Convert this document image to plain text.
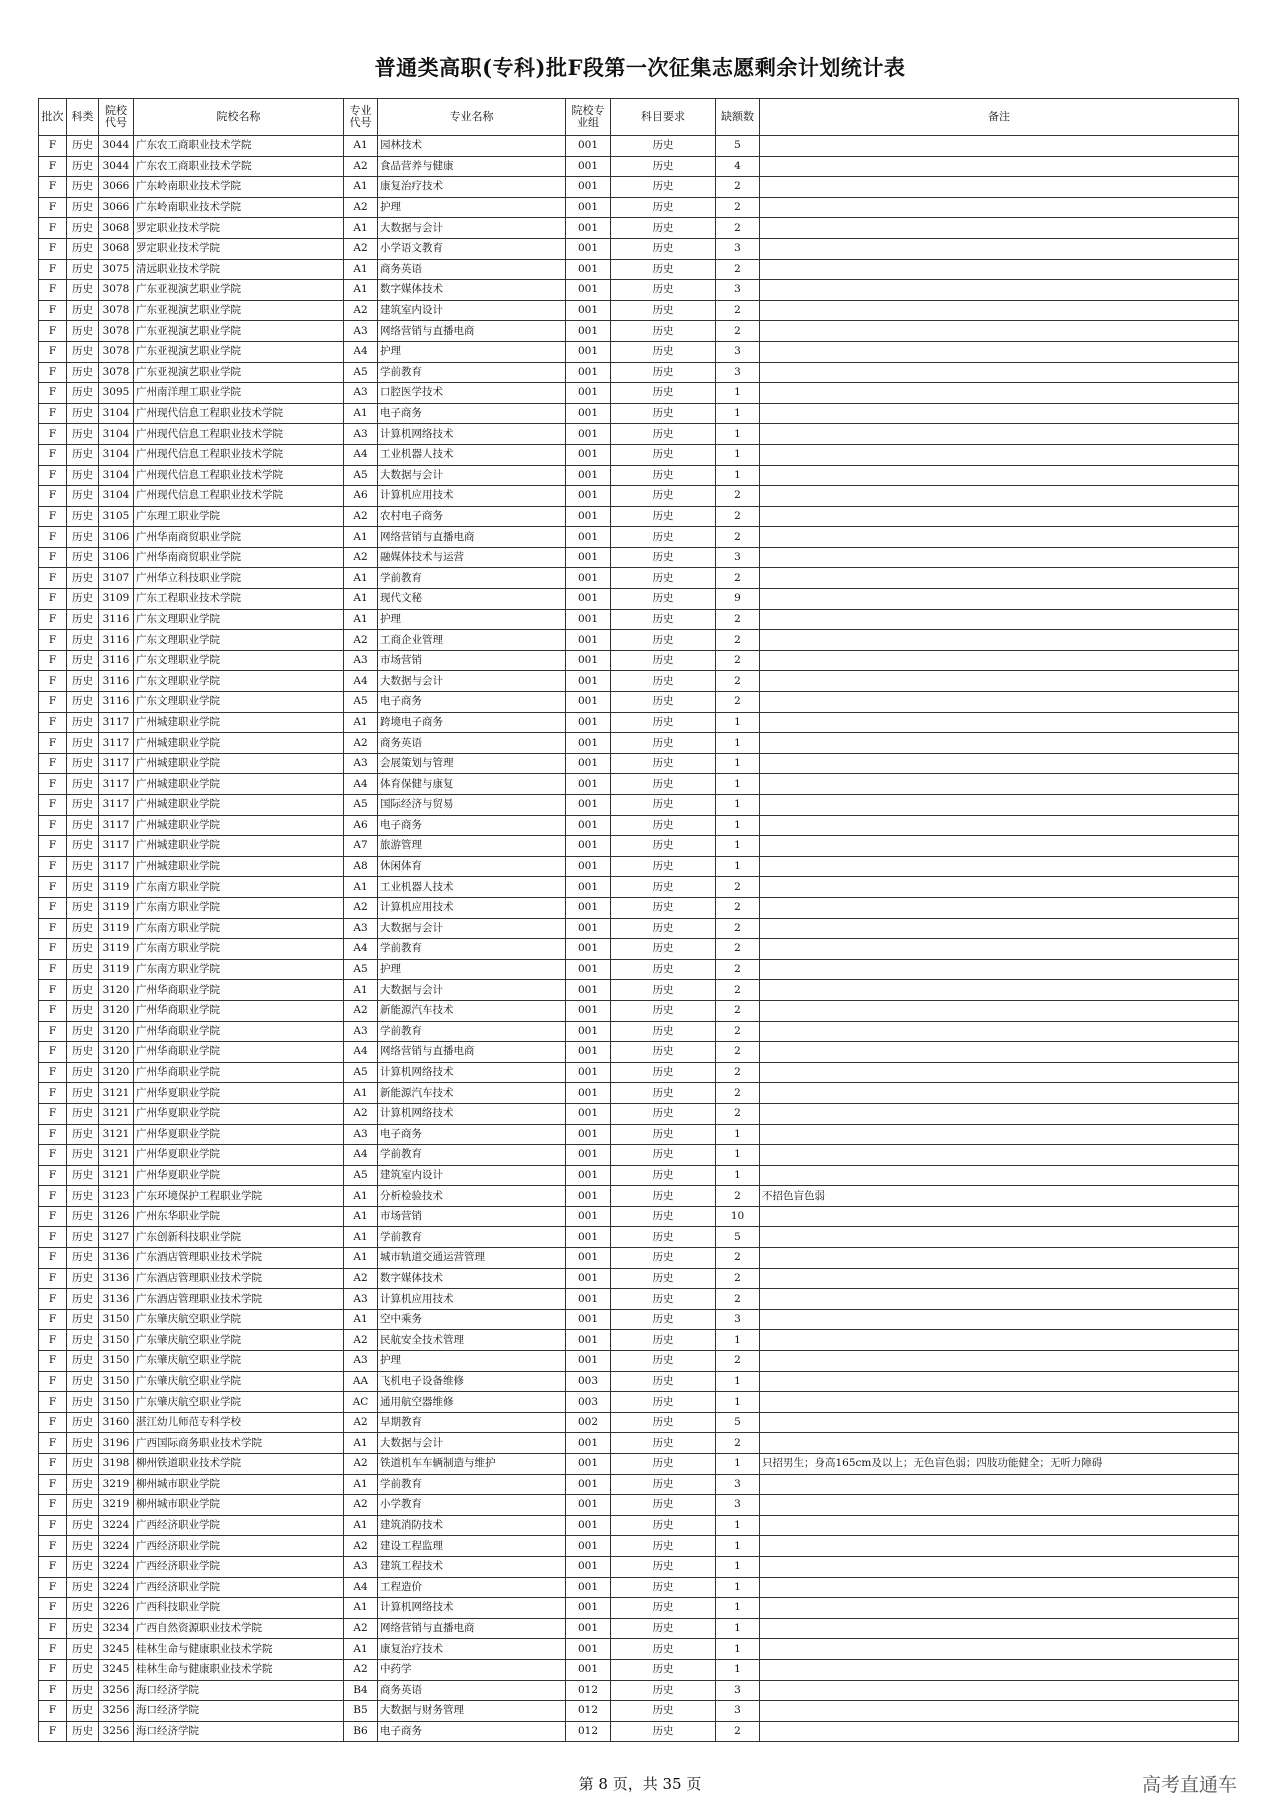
普通类高职(专科)批F段第一次征集志愿剩余计划统计表
批次	科类	院校代号	院校名称	专业代号	专业名称	院校专业组	科目要求	缺额数	备注
F	历史	3044	广东农工商职业技术学院	A1	园林技术	001	历史	5	
F	历史	3044	广东农工商职业技术学院	A2	食品营养与健康	001	历史	4	
F	历史	3066	广东岭南职业技术学院	A1	康复治疗技术	001	历史	2	
F	历史	3066	广东岭南职业技术学院	A2	护理	001	历史	2	
F	历史	3068	罗定职业技术学院	A1	大数据与会计	001	历史	2	
F	历史	3068	罗定职业技术学院	A2	小学语文教育	001	历史	3	
F	历史	3075	清远职业技术学院	A1	商务英语	001	历史	2	
F	历史	3078	广东亚视演艺职业学院	A1	数字媒体技术	001	历史	3	
F	历史	3078	广东亚视演艺职业学院	A2	建筑室内设计	001	历史	2	
F	历史	3078	广东亚视演艺职业学院	A3	网络营销与直播电商	001	历史	2	
F	历史	3078	广东亚视演艺职业学院	A4	护理	001	历史	3	
F	历史	3078	广东亚视演艺职业学院	A5	学前教育	001	历史	3	
F	历史	3095	广州南洋理工职业学院	A3	口腔医学技术	001	历史	1	
F	历史	3104	广州现代信息工程职业技术学院	A1	电子商务	001	历史	1	
F	历史	3104	广州现代信息工程职业技术学院	A3	计算机网络技术	001	历史	1	
F	历史	3104	广州现代信息工程职业技术学院	A4	工业机器人技术	001	历史	1	
F	历史	3104	广州现代信息工程职业技术学院	A5	大数据与会计	001	历史	1	
F	历史	3104	广州现代信息工程职业技术学院	A6	计算机应用技术	001	历史	2	
F	历史	3105	广东理工职业学院	A2	农村电子商务	001	历史	2	
F	历史	3106	广州华南商贸职业学院	A1	网络营销与直播电商	001	历史	2	
F	历史	3106	广州华南商贸职业学院	A2	融媒体技术与运营	001	历史	3	
F	历史	3107	广州华立科技职业学院	A1	学前教育	001	历史	2	
F	历史	3109	广东工程职业技术学院	A1	现代文秘	001	历史	9	
F	历史	3116	广东文理职业学院	A1	护理	001	历史	2	
F	历史	3116	广东文理职业学院	A2	工商企业管理	001	历史	2	
F	历史	3116	广东文理职业学院	A3	市场营销	001	历史	2	
F	历史	3116	广东文理职业学院	A4	大数据与会计	001	历史	2	
F	历史	3116	广东文理职业学院	A5	电子商务	001	历史	2	
F	历史	3117	广州城建职业学院	A1	跨境电子商务	001	历史	1	
F	历史	3117	广州城建职业学院	A2	商务英语	001	历史	1	
F	历史	3117	广州城建职业学院	A3	会展策划与管理	001	历史	1	
F	历史	3117	广州城建职业学院	A4	体育保健与康复	001	历史	1	
F	历史	3117	广州城建职业学院	A5	国际经济与贸易	001	历史	1	
F	历史	3117	广州城建职业学院	A6	电子商务	001	历史	1	
F	历史	3117	广州城建职业学院	A7	旅游管理	001	历史	1	
F	历史	3117	广州城建职业学院	A8	休闲体育	001	历史	1	
F	历史	3119	广东南方职业学院	A1	工业机器人技术	001	历史	2	
F	历史	3119	广东南方职业学院	A2	计算机应用技术	001	历史	2	
F	历史	3119	广东南方职业学院	A3	大数据与会计	001	历史	2	
F	历史	3119	广东南方职业学院	A4	学前教育	001	历史	2	
F	历史	3119	广东南方职业学院	A5	护理	001	历史	2	
F	历史	3120	广州华商职业学院	A1	大数据与会计	001	历史	2	
F	历史	3120	广州华商职业学院	A2	新能源汽车技术	001	历史	2	
F	历史	3120	广州华商职业学院	A3	学前教育	001	历史	2	
F	历史	3120	广州华商职业学院	A4	网络营销与直播电商	001	历史	2	
F	历史	3120	广州华商职业学院	A5	计算机网络技术	001	历史	2	
F	历史	3121	广州华夏职业学院	A1	新能源汽车技术	001	历史	2	
F	历史	3121	广州华夏职业学院	A2	计算机网络技术	001	历史	2	
F	历史	3121	广州华夏职业学院	A3	电子商务	001	历史	1	
F	历史	3121	广州华夏职业学院	A4	学前教育	001	历史	1	
F	历史	3121	广州华夏职业学院	A5	建筑室内设计	001	历史	1	
F	历史	3123	广东环境保护工程职业学院	A1	分析检验技术	001	历史	2	不招色盲色弱
F	历史	3126	广州东华职业学院	A1	市场营销	001	历史	10	
F	历史	3127	广东创新科技职业学院	A1	学前教育	001	历史	5	
F	历史	3136	广东酒店管理职业技术学院	A1	城市轨道交通运营管理	001	历史	2	
F	历史	3136	广东酒店管理职业技术学院	A2	数字媒体技术	001	历史	2	
F	历史	3136	广东酒店管理职业技术学院	A3	计算机应用技术	001	历史	2	
F	历史	3150	广东肇庆航空职业学院	A1	空中乘务	001	历史	3	
F	历史	3150	广东肇庆航空职业学院	A2	民航安全技术管理	001	历史	1	
F	历史	3150	广东肇庆航空职业学院	A3	护理	001	历史	2	
F	历史	3150	广东肇庆航空职业学院	AA	飞机电子设备维修	003	历史	1	
F	历史	3150	广东肇庆航空职业学院	AC	通用航空器维修	003	历史	1	
F	历史	3160	湛江幼儿师范专科学校	A2	早期教育	002	历史	5	
F	历史	3196	广西国际商务职业技术学院	A1	大数据与会计	001	历史	2	
F	历史	3198	柳州铁道职业技术学院	A2	铁道机车车辆制造与维护	001	历史	1	只招男生；身高165cm及以上；无色盲色弱；四肢功能健全；无听力障碍
F	历史	3219	柳州城市职业学院	A1	学前教育	001	历史	3	
F	历史	3219	柳州城市职业学院	A2	小学教育	001	历史	3	
F	历史	3224	广西经济职业学院	A1	建筑消防技术	001	历史	1	
F	历史	3224	广西经济职业学院	A2	建设工程监理	001	历史	1	
F	历史	3224	广西经济职业学院	A3	建筑工程技术	001	历史	1	
F	历史	3224	广西经济职业学院	A4	工程造价	001	历史	1	
F	历史	3226	广西科技职业学院	A1	计算机网络技术	001	历史	1	
F	历史	3234	广西自然资源职业技术学院	A2	网络营销与直播电商	001	历史	1	
F	历史	3245	桂林生命与健康职业技术学院	A1	康复治疗技术	001	历史	1	
F	历史	3245	桂林生命与健康职业技术学院	A2	中药学	001	历史	1	
F	历史	3256	海口经济学院	B4	商务英语	012	历史	3	
F	历史	3256	海口经济学院	B5	大数据与财务管理	012	历史	3	
F	历史	3256	海口经济学院	B6	电子商务	012	历史	2	
第 8 页，共 35 页	高考直通车
